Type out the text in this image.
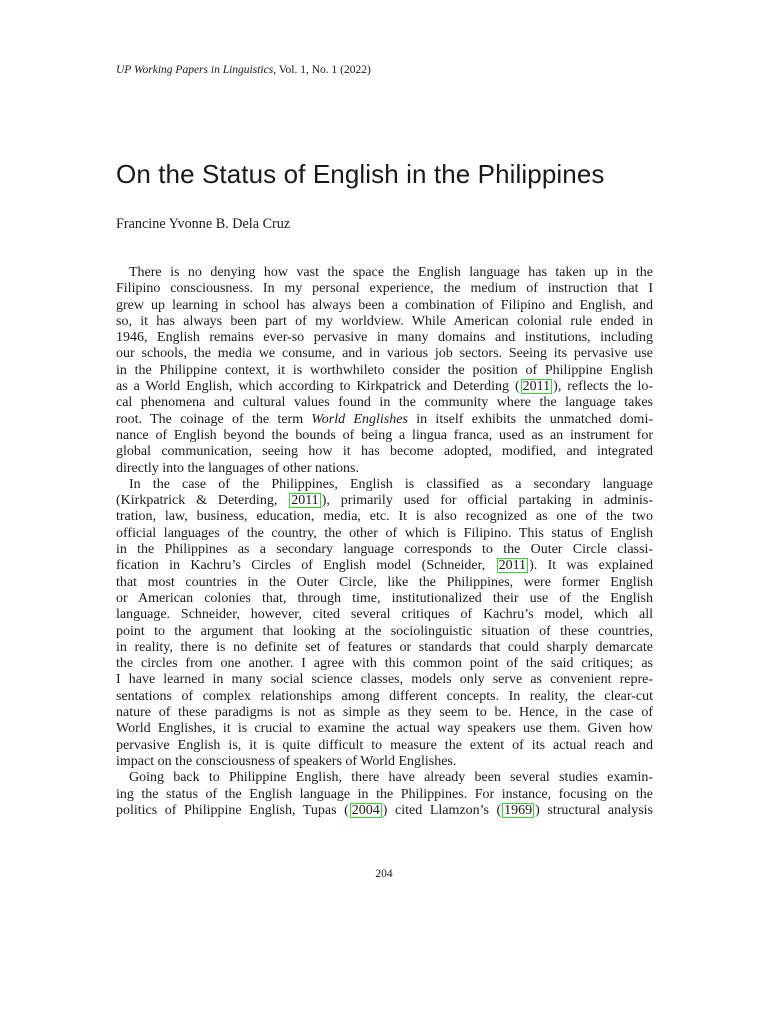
UP Working Papers in Linguistics, Vol. 1, No. 1 (2022)
On the Status of English in the Philippines
Francine Yvonne B. Dela Cruz

There is no denying how vast the space the English language has taken up in the
Filipino consciousness. In my personal experience, the medium of instruction that I
grew up learning in school has always been a combination of Filipino and English, and
so, it has always been part of my worldview. While American colonial rule ended in
1946, English remains ever-so pervasive in many domains and institutions, including
our schools, the media we consume, and in various job sectors. Seeing its pervasive use
in the Philippine context, it is worthwhileto consider the position of Philippine English
as a World English, which according to Kirkpatrick and Deterding ( 2011 ), reflects the lo-
cal phenomena and cultural values found in the community where the language takes
root. The coinage of the term World Englishes in itself exhibits the unmatched domi-
nance of English beyond the bounds of being a lingua franca, used as an instrument for
global communication, seeing how it has become adopted, modified, and integrated
directly into the languages of other nations.

In the case of the Philippines, English is classified as a secondary language
(Kirkpatrick & Deterding, 2011 ), primarily used for official partaking in adminis-
tration, law, business, education, media, etc. It is also recognized as one of the two
official languages of the country, the other of which is Filipino. This status of English
in the Philippines as a secondary language corresponds to the Outer Circle classi-
fication in Kachru’s Circles of English model (Schneider, 2011 ). It was explained
that most countries in the Outer Circle, like the Philippines, were former English
or American colonies that, through time, institutionalized their use of the English
language. Schneider, however, cited several critiques of Kachru’s model, which all
point to the argument that looking at the sociolinguistic situation of these countries,
in reality, there is no definite set of features or standards that could sharply demarcate
the circles from one another. I agree with this common point of the said critiques; as
I have learned in many social science classes, models only serve as convenient repre-
sentations of complex relationships among different concepts. In reality, the clear-cut
nature of these paradigms is not as simple as they seem to be. Hence, in the case of
World Englishes, it is crucial to examine the actual way speakers use them. Given how
pervasive English is, it is quite difficult to measure the extent of its actual reach and
impact on the consciousness of speakers of World Englishes.

Going back to Philippine English, there have already been several studies examin-
ing the status of the English language in the Philippines. For instance, focusing on the
politics of Philippine English, Tupas ( 2004 ) cited Llamzon’s ( 1969 ) structural analysis

204
